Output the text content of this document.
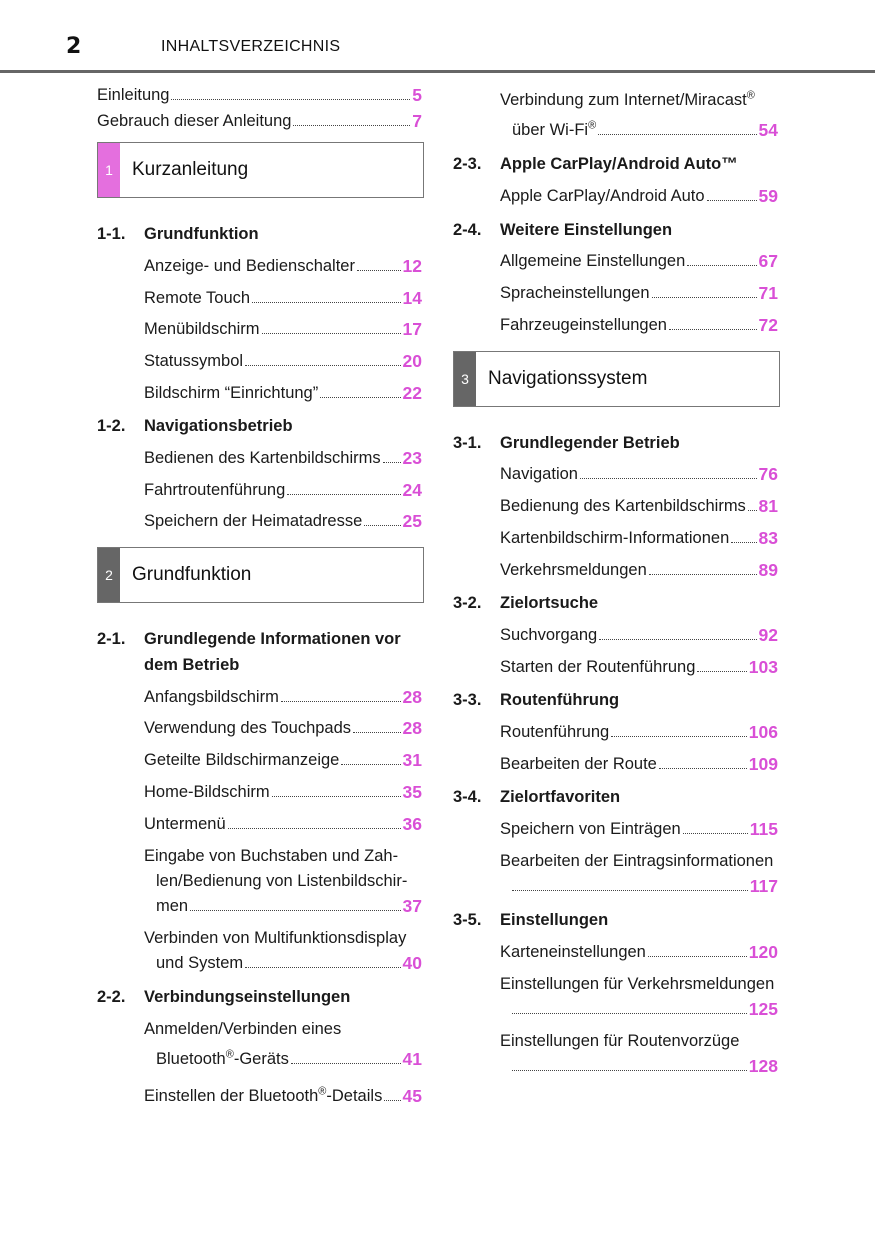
2	INHALTSVERZEICHNIS
Einleitung	5
Gebrauch dieser Anleitung	7
1	Kurzanleitung
1-1. Grundfunktion
Anzeige- und Bedienschalter	12
Remote Touch	14
Menübildschirm	17
Statussymbol	20
Bildschirm “Einrichtung”	22
1-2. Navigationsbetrieb
Bedienen des Kartenbildschirms 23
Fahrtroutenführung	24
Speichern der Heimatadresse 25
2	Grundfunktion
2-1. Grundlegende Informationen vor
dem Betrieb
Anfangsbildschirm	28
Verwendung des Touchpads	28
Geteilte Bildschirmanzeige	31
Home-Bildschirm	35
Untermenü	36
Eingabe von Buchstaben und Zah-
len/Bedienung von Listenbildschir-
men	37
Verbinden von Multifunktionsdisplay
und System	40
2-2. Verbindungseinstellungen
Anmelden/Verbinden eines
Bluetooth®-Geräts	41
Einstellen der Bluetooth®-Details 45
Verbindung zum Internet/Miracast®
über Wi-Fi®	54
2-3. Apple CarPlay/Android Auto™
Apple CarPlay/Android Auto	59
2-4. Weitere Einstellungen
Allgemeine Einstellungen	67
Spracheinstellungen	71
Fahrzeugeinstellungen	72
3	Navigationssystem
3-1. Grundlegender Betrieb
Navigation	76
Bedienung des Kartenbildschirms 81
Kartenbildschirm-Informationen 83
Verkehrsmeldungen	89
3-2. Zielortsuche
Suchvorgang	92
Starten der Routenführung	103
3-3. Routenführung
Routenführung	106
Bearbeiten der Route	109
3-4. Zielortfavoriten
Speichern von Einträgen	115
Bearbeiten der Eintragsinformationen
117
3-5. Einstellungen
Karteneinstellungen	120
Einstellungen für Verkehrsmeldungen
125
Einstellungen für Routenvorzüge
128
